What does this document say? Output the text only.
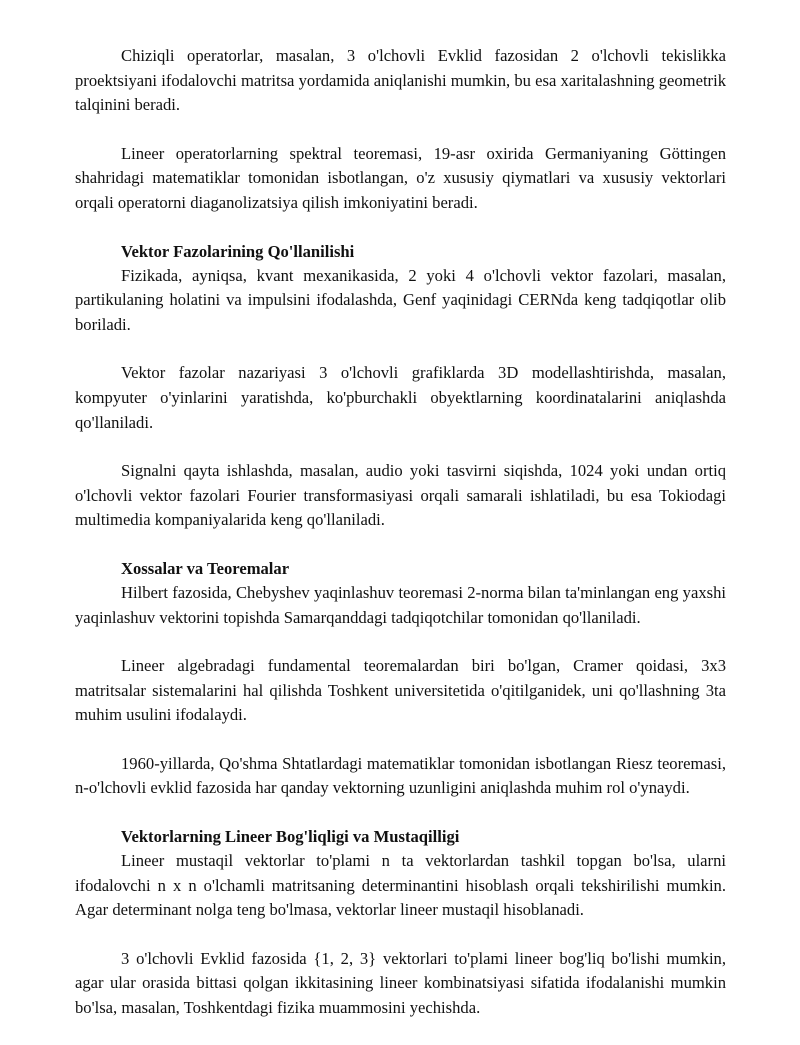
Chiziqli operatorlar, masalan, 3 o'lchovli Evklid fazosidan 2 o'lchovli tekislikka proektsiyani ifodalovchi matritsa yordamida aniqlanishi mumkin, bu esa xaritalashning geometrik talqinini beradi.

Lineer operatorlarning spektral teoremasi, 19-asr oxirida Germaniyaning Göttingen shahridagi matematiklar tomonidan isbotlangan, o'z xususiy qiymatlari va xususiy vektorlari orqali operatorni diaganolizatsiya qilish imkoniyatini beradi.

Vektor Fazolarining Qo'llanilishi

Fizikada, ayniqsa, kvant mexanikasida, 2 yoki 4 o'lchovli vektor fazolari, masalan, partikulaning holatini va impulsini ifodalashda, Genf yaqinidagi CERNda keng tadqiqotlar olib boriladi.

Vektor fazolar nazariyasi 3 o'lchovli grafiklarda 3D modellashtirishda, masalan, kompyuter o'yinlarini yaratishda, ko'pburchakli obyektlarning koordinatalarini aniqlashda qo'llaniladi.

Signalni qayta ishlashda, masalan, audio yoki tasvirni siqishda, 1024 yoki undan ortiq o'lchovli vektor fazolari Fourier transformasiyasi orqali samarali ishlatiladi, bu esa Tokiodagi multimedia kompaniyalarida keng qo'llaniladi.

Xossalar va Teoremalar

Hilbert fazosida, Chebyshev yaqinlashuv teoremasi 2-norma bilan ta'minlangan eng yaxshi yaqinlashuv vektorini topishda Samarqanddagi tadqiqotchilar tomonidan qo'llaniladi.

Lineer algebradagi fundamental teoremalardan biri bo'lgan, Cramer qoidasi, 3x3 matritsalar sistemalarini hal qilishda Toshkent universitetida o'qitilganidek, uni qo'llashning 3ta muhim usulini ifodalaydi.

1960-yillarda, Qo'shma Shtatlardagi matematiklar tomonidan isbotlangan Riesz teoremasi, n-o'lchovli evklid fazosida har qanday vektorning uzunligini aniqlashda muhim rol o'ynaydi.

Vektorlarning Lineer Bog'liqligi va Mustaqilligi

Lineer mustaqil vektorlar to'plami n ta vektorlardan tashkil topgan bo'lsa, ularni ifodalovchi n x n o'lchamli matritsaning determinantini hisoblash orqali tekshirilishi mumkin. Agar determinant nolga teng bo'lmasa, vektorlar lineer mustaqil hisoblanadi.

3 o'lchovli Evklid fazosida {1, 2, 3} vektorlari to'plami lineer bog'liq bo'lishi mumkin, agar ular orasida bittasi qolgan ikkitasining lineer kombinatsiyasi sifatida ifodalanishi mumkin bo'lsa, masalan, Toshkentdagi fizika muammosini yechishda.
